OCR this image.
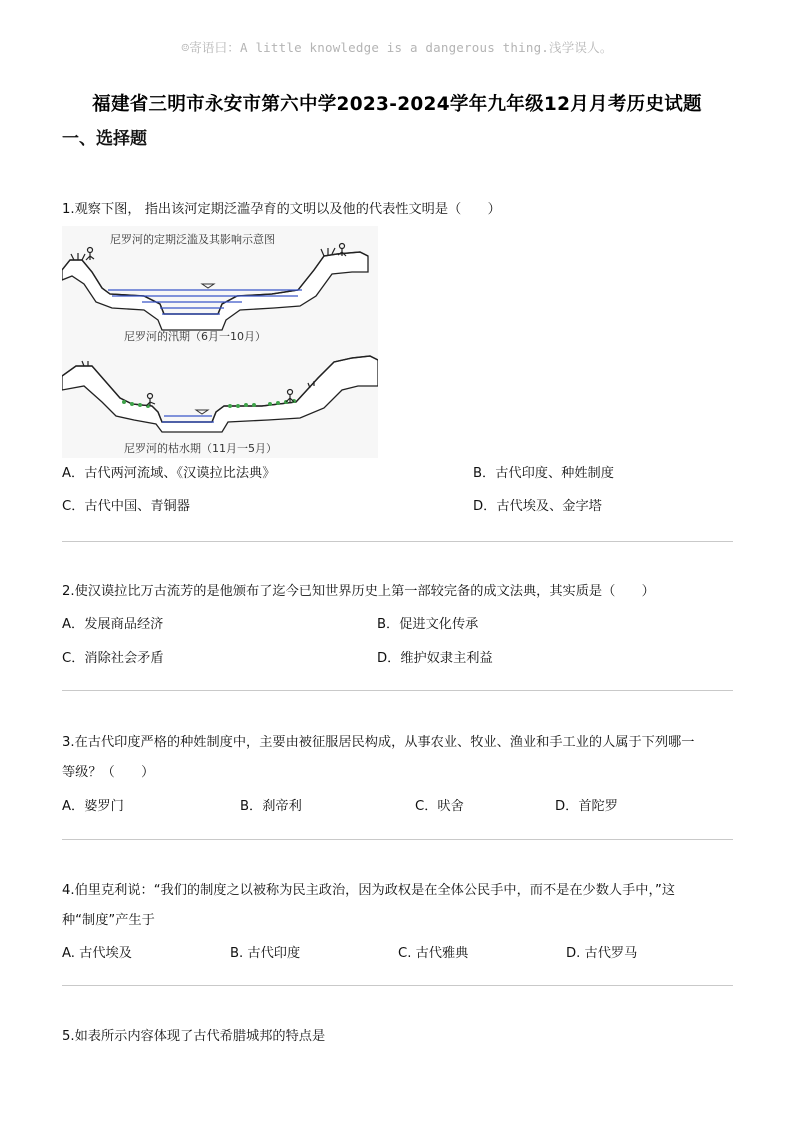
☺寄语曰：A little knowledge is a dangerous thing.浅学误人。
福建省三明市永安市第六中学2023-2024学年九年级12月月考历史试题
一、选择题
1.观察下图， 指出该河定期泛滥孕育的文明以及他的代表性文明是（　　）
尼罗河的定期泛滥及其影响示意图
尼罗河的汛期（6月一10月）
尼罗河的枯水期（11月一5月）
A．古代两河流域、《汉谟拉比法典》	B．古代印度、种姓制度
C．古代中国、青铜器	D．古代埃及、金字塔
2.使汉谟拉比万古流芳的是他颁布了迄今已知世界历史上第一部较完备的成文法典，其实质是（　　）
A．发展商品经济	B．促进文化传承
C．消除社会矛盾	D．维护奴隶主利益
3.在古代印度严格的种姓制度中，主要由被征服居民构成，从事农业、牧业、渔业和手工业的人属于下列哪一
等级？（　　）
A．婆罗门	B．刹帝利	C．吠舍	D．首陀罗
4.伯里克利说：“我们的制度之以被称为民主政治，因为政权是在全体公民手中，而不是在少数人手中，”这
种“制度”产生于
A. 古代埃及	B. 古代印度	C. 古代雅典	D. 古代罗马
5.如表所示内容体现了古代希腊城邦的特点是
